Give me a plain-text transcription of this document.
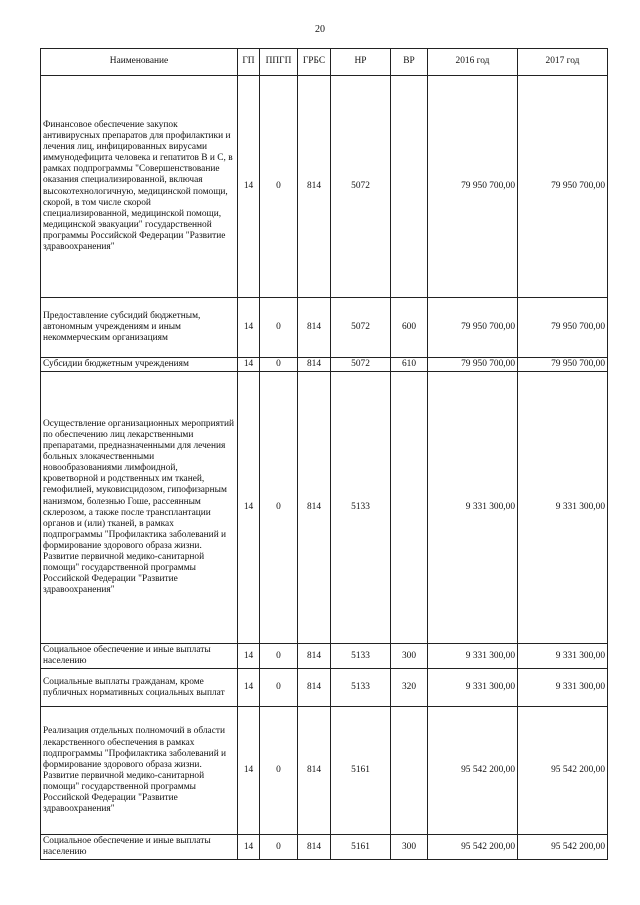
20
Наименование	ГП	ППГП	ГРБС	НР	ВР	2016 год	2017 год
Финансовое обеспечение закупок антивирусных препаратов для профилактики и лечения лиц, инфицированных вирусами иммунодефицита человека и гепатитов В и С, в рамках подпрограммы "Совершенствование оказания специализированной, включая высокотехнологичную, медицинской помощи, скорой, в том числе скорой специализированной, медицинской помощи, медицинской эвакуации" государственной программы Российской Федерации "Развитие здравоохранения"	14	0	814	5072		79 950 700,00	79 950 700,00
Предоставление субсидий бюджетным, автономным учреждениям и иным некоммерческим организациям	14	0	814	5072	600	79 950 700,00	79 950 700,00
Субсидии бюджетным учреждениям	14	0	814	5072	610	79 950 700,00	79 950 700,00
Осуществление организационных мероприятий по обеспечению лиц лекарственными препаратами, предназначенными для лечения больных злокачественными новообразованиями лимфоидной, кроветворной и родственных им тканей, гемофилией, муковисцидозом, гипофизарным нанизмом, болезнью Гоше, рассеянным склерозом, а также после трансплантации органов и (или) тканей, в рамках подпрограммы "Профилактика заболеваний и формирование здорового образа жизни. Развитие первичной медико-санитарной помощи" государственной программы Российской Федерации "Развитие здравоохранения"	14	0	814	5133		9 331 300,00	9 331 300,00
Социальное обеспечение и иные выплаты населению	14	0	814	5133	300	9 331 300,00	9 331 300,00
Социальные выплаты гражданам, кроме публичных нормативных социальных выплат	14	0	814	5133	320	9 331 300,00	9 331 300,00
Реализация отдельных полномочий в области лекарственного обеспечения в рамках подпрограммы "Профилактика заболеваний и формирование здорового образа жизни. Развитие первичной медико-санитарной помощи" государственной программы Российской Федерации "Развитие здравоохранения"	14	0	814	5161		95 542 200,00	95 542 200,00
Социальное обеспечение и иные выплаты населению	14	0	814	5161	300	95 542 200,00	95 542 200,00
